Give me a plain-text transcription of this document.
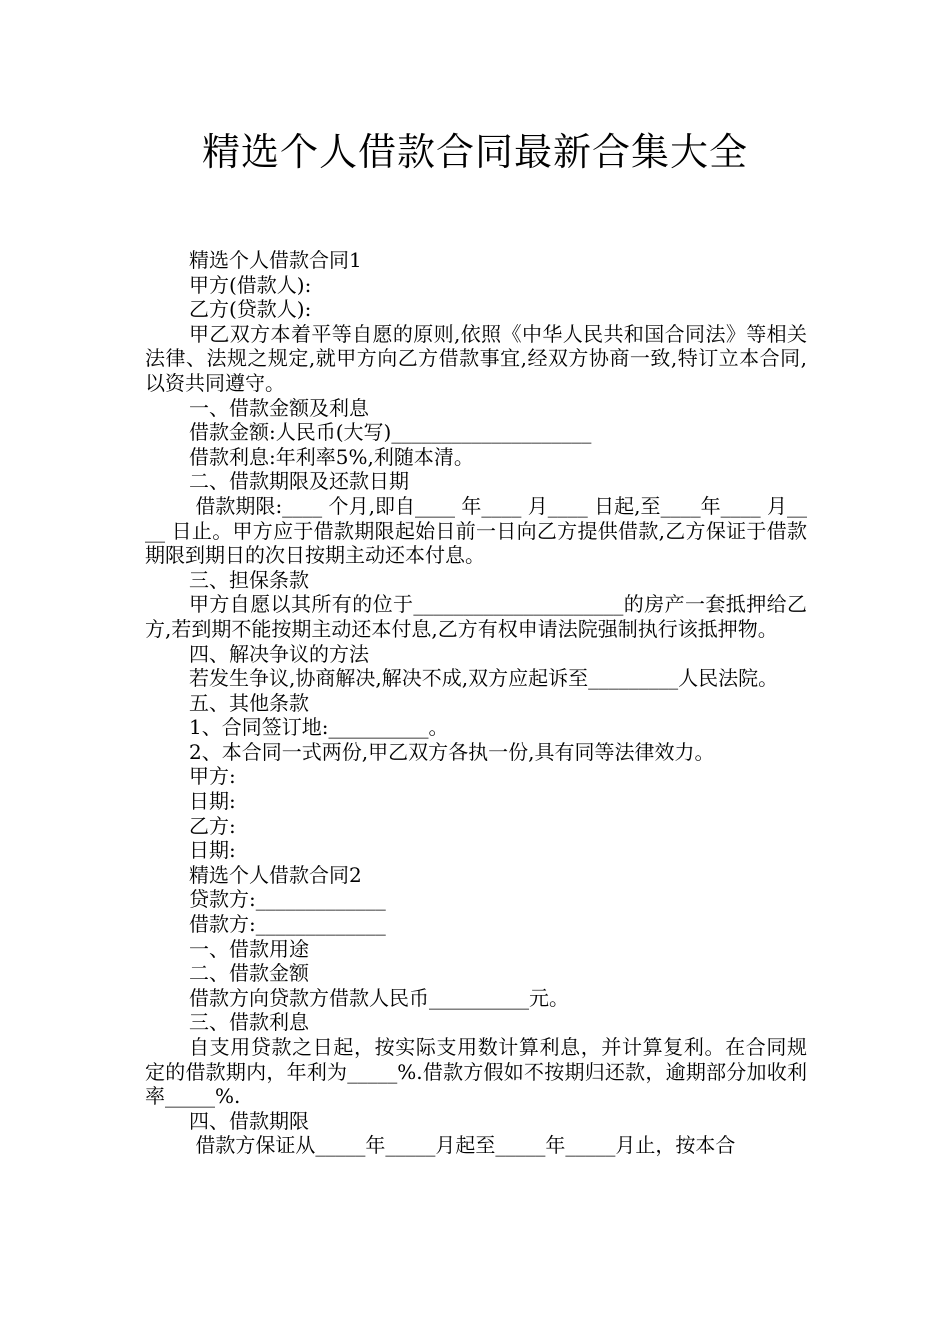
精选个人借款合同最新合集大全

精选个人借款合同1

甲方(借款人):

乙方(贷款人):

甲乙双方本着平等自愿的原则,依照《中华人民共和国合同法》等相关法律、法规之规定,就甲方向乙方借款事宜,经双方协商一致,特订立本合同,以资共同遵守。

一、借款金额及利息

借款金额:人民币(大写)____________________

借款利息:年利率5%,利随本清。

二、借款期限及还款日期

借款期限:____ 个月,即自____ 年____ 月____ 日起,至____年____ 月____ 日止。甲方应于借款期限起始日前一日向乙方提供借款,乙方保证于借款期限到期日的次日按期主动还本付息。

三、担保条款

甲方自愿以其所有的位于_____________________的房产一套抵押给乙方,若到期不能按期主动还本付息,乙方有权申请法院强制执行该抵押物。

四、解决争议的方法

若发生争议,协商解决,解决不成,双方应起诉至_________人民法院。

五、其他条款

1、合同签订地:__________。

2、本合同一式两份,甲乙双方各执一份,具有同等法律效力。

甲方:

日期:

乙方:

日期:

精选个人借款合同2

贷款方:_____________

借款方:_____________

一、借款用途

二、借款金额

借款方向贷款方借款人民币__________元。

三、借款利息

自支用贷款之日起，按实际支用数计算利息，并计算复利。在合同规定的借款期内，年利为_____%.借款方假如不按期归还款，逾期部分加收利率_____%.

四、借款期限

借款方保证从_____年_____月起至_____年_____月止，按本合
